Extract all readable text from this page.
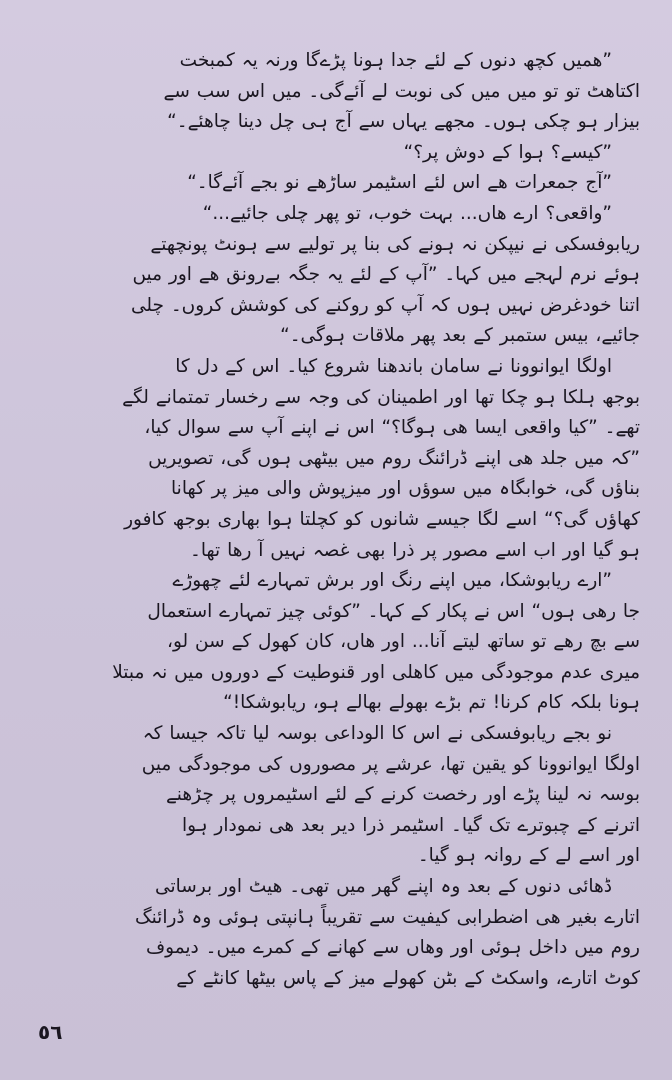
”ھمیں کچھ دنوں کے لئے جدا ہونا پڑےگا ورنہ یہ کمبخت
اکتاھٹ تو تو میں میں کی نوبت لے آئےگی۔ میں اس سب سے
بیزار ہو چکی ہوں۔ مجھے یہاں سے آج ہی چل دینا چاھئے۔“
”کیسے؟ ہوا کے دوش پر؟“
”آج جمعرات ھے اس لئے اسٹیمر ساڑھے نو بجے آئےگا۔“
”واقعی؟ ارے ھاں... بہت خوب، تو پھر چلی جائیے...“
ریابوفسکی نے نیپکن نہ ہونے کی بنا پر تولیے سے ہونٹ پونچھتے
ہوئے نرم لہجے میں کہا۔ ”آپ کے لئے یہ جگہ بےرونق ھے اور میں
اتنا خودغرض نہیں ہوں کہ آپ کو روکنے کی کوشش کروں۔ چلی
جائیے، بیس ستمبر کے بعد پھر ملاقات ہوگی۔“
اولگا ایوانوونا نے سامان باندھنا شروع کیا۔ اس کے دل کا
بوجھ ہلکا ہو چکا تھا اور اطمینان کی وجہ سے رخسار تمتمانے لگے
تھے۔ ”کیا واقعی ایسا ھی ہوگا؟“ اس نے اپنے آپ سے سوال کیا،
”کہ میں جلد ھی اپنے ڈرائنگ روم میں بیٹھی ہوں گی، تصویریں
بناؤں گی، خوابگاہ میں سوؤں اور میزپوش والی میز پر کھانا
کھاؤں گی؟“ اسے لگا جیسے شانوں کو کچلتا ہوا بھاری بوجھ کافور
ہو گیا اور اب اسے مصور پر ذرا بھی غصہ نہیں آ رھا تھا۔
”ارے ریابوشکا، میں اپنے رنگ اور برش تمہارے لئے چھوڑے
جا رھی ہوں“ اس نے پکار کے کہا۔ ”کوئی چیز تمہارے استعمال
سے بچ رھے تو ساتھ لیتے آنا... اور ھاں، کان کھول کے سن لو،
میری عدم موجودگی میں کاھلی اور قنوطیت کے دوروں میں نہ مبتلا
ہونا بلکہ کام کرنا! تم بڑے بھولے بھالے ہو، ریابوشکا!“
نو بجے ریابوفسکی نے اس کا الوداعی بوسہ لیا تاکہ جیسا کہ
اولگا ایوانوونا کو یقین تھا، عرشے پر مصوروں کی موجودگی میں
بوسہ نہ لینا پڑے اور رخصت کرنے کے لئے اسٹیمروں پر چڑھنے
اترنے کے چبوترے تک گیا۔ اسٹیمر ذرا دیر بعد ھی نمودار ہوا
اور اسے لے کے روانہ ہو گیا۔
ڈھائی دنوں کے بعد وہ اپنے گھر میں تھی۔ ھیٹ اور برساتی
اتارے بغیر ھی اضطرابی کیفیت سے تقریباً ہانپتی ہوئی وہ ڈرائنگ
روم میں داخل ہوئی اور وھاں سے کھانے کے کمرے میں۔ دیموف
کوٹ اتارے، واسکٹ کے بٹن کھولے میز کے پاس بیٹھا کانٹے کے
٥٦
